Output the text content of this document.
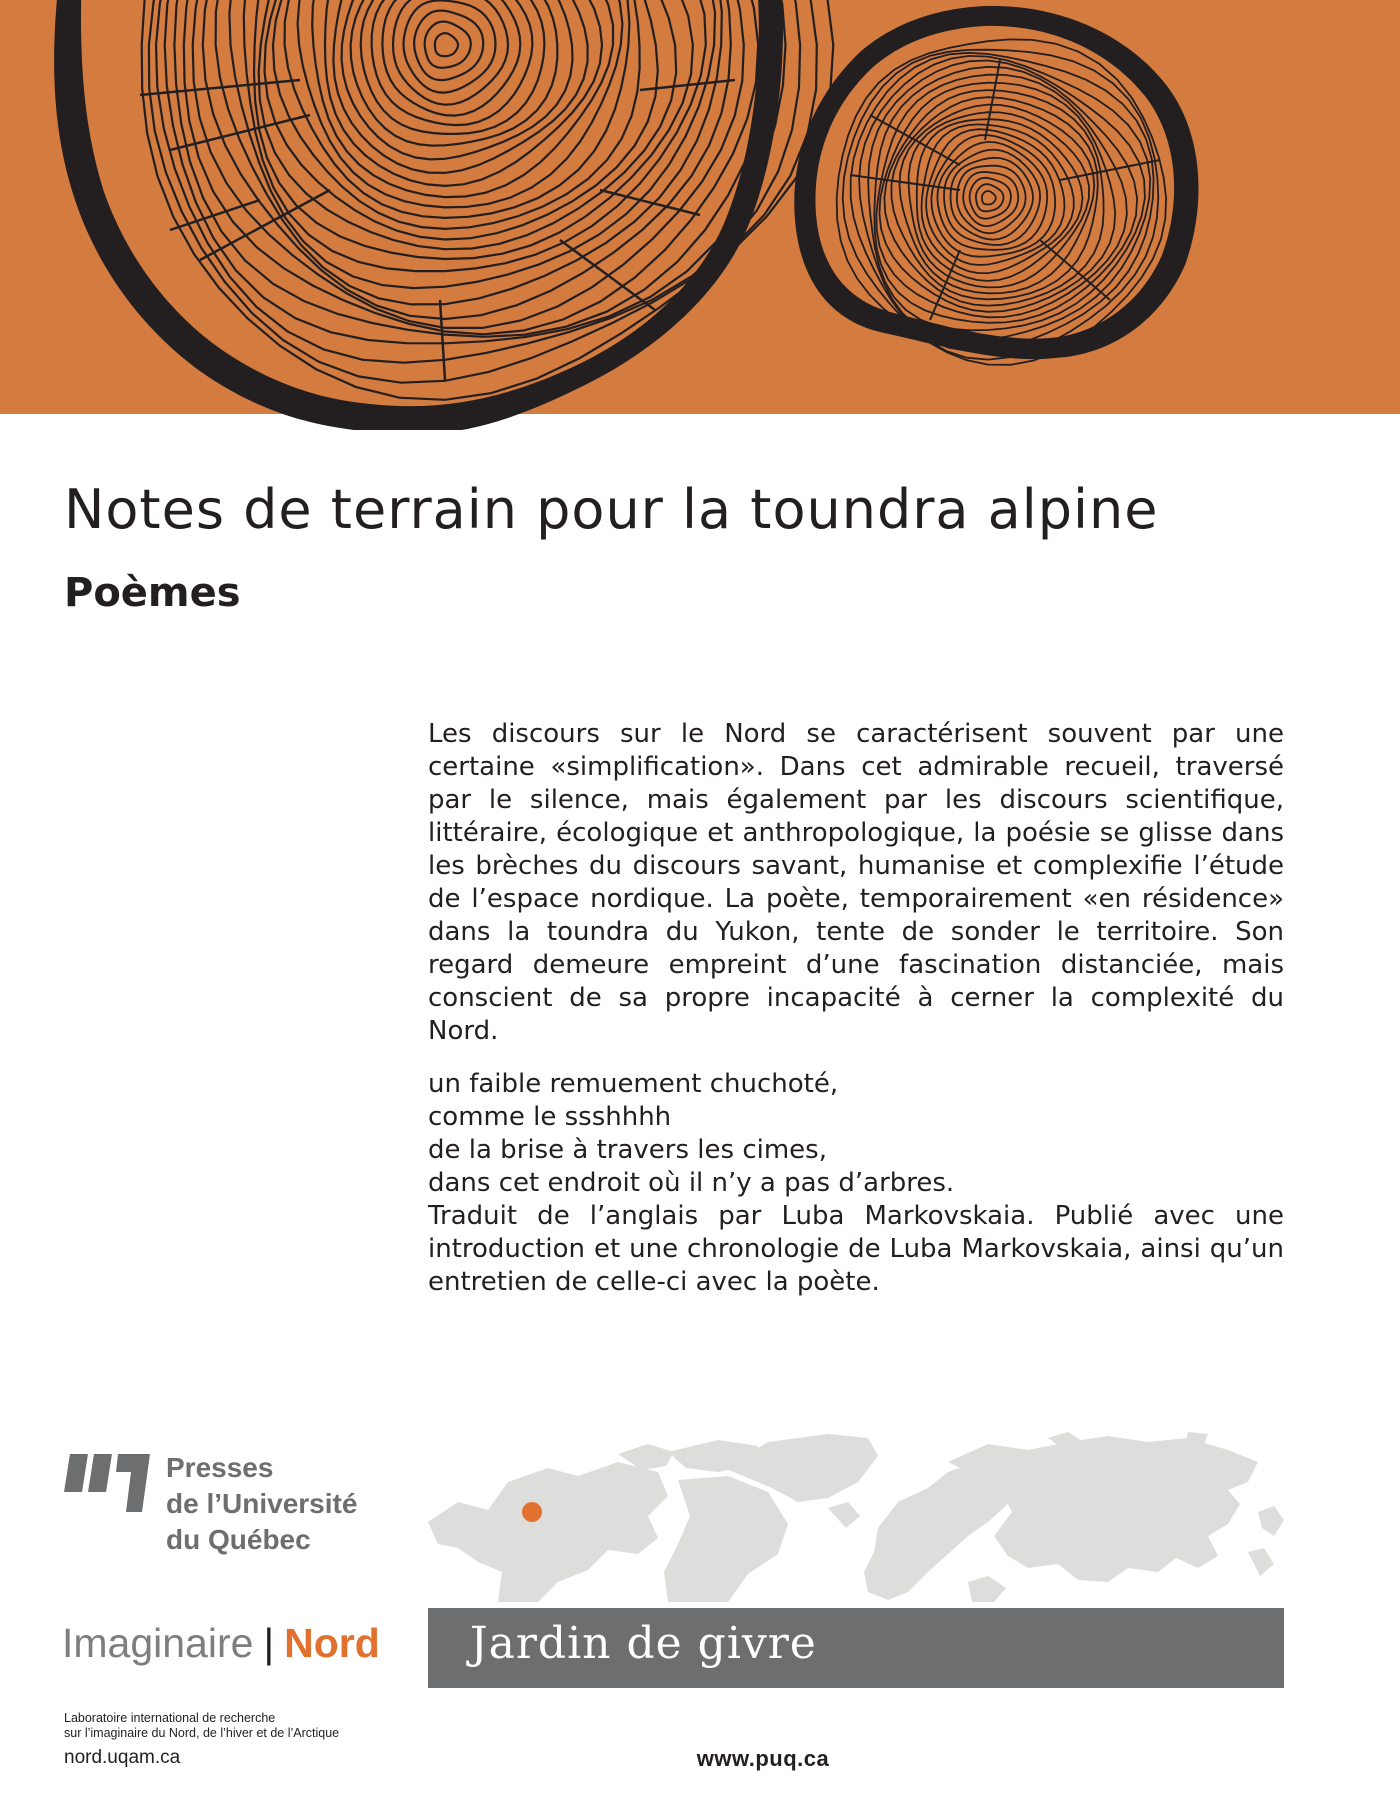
Notes de terrain pour la toundra alpine
Poèmes

Les discours sur le Nord se caractérisent souvent par une certaine «simplification». Dans cet admirable recueil, traversé par le silence, mais également par les discours scientifique, littéraire, écologique et anthropologique, la poésie se glisse dans les brèches du discours savant, humanise et complexifie l’étude de l’espace nordique. La poète, temporairement «en résidence» dans la toundra du Yukon, tente de sonder le territoire. Son regard demeure empreint d’une fascination distanciée, mais conscient de sa propre incapacité à cerner la complexité du Nord.

un faible remuement chuchoté,
comme le ssshhhh
de la brise à travers les cimes,
dans cet endroit où il n’y a pas d’arbres.

Traduit de l’anglais par Luba Markovskaia. Publié avec une introduction et une chronologie de Luba Markovskaia, ainsi qu’un entretien de celle-ci avec la poète.

Presses
de l’Université
du Québec
Imaginaire | Nord
Laboratoire international de recherche
sur l’imaginaire du Nord, de l’hiver et de l’Arctique
nord.uqam.ca
Jardin de givre
www.puq.ca
